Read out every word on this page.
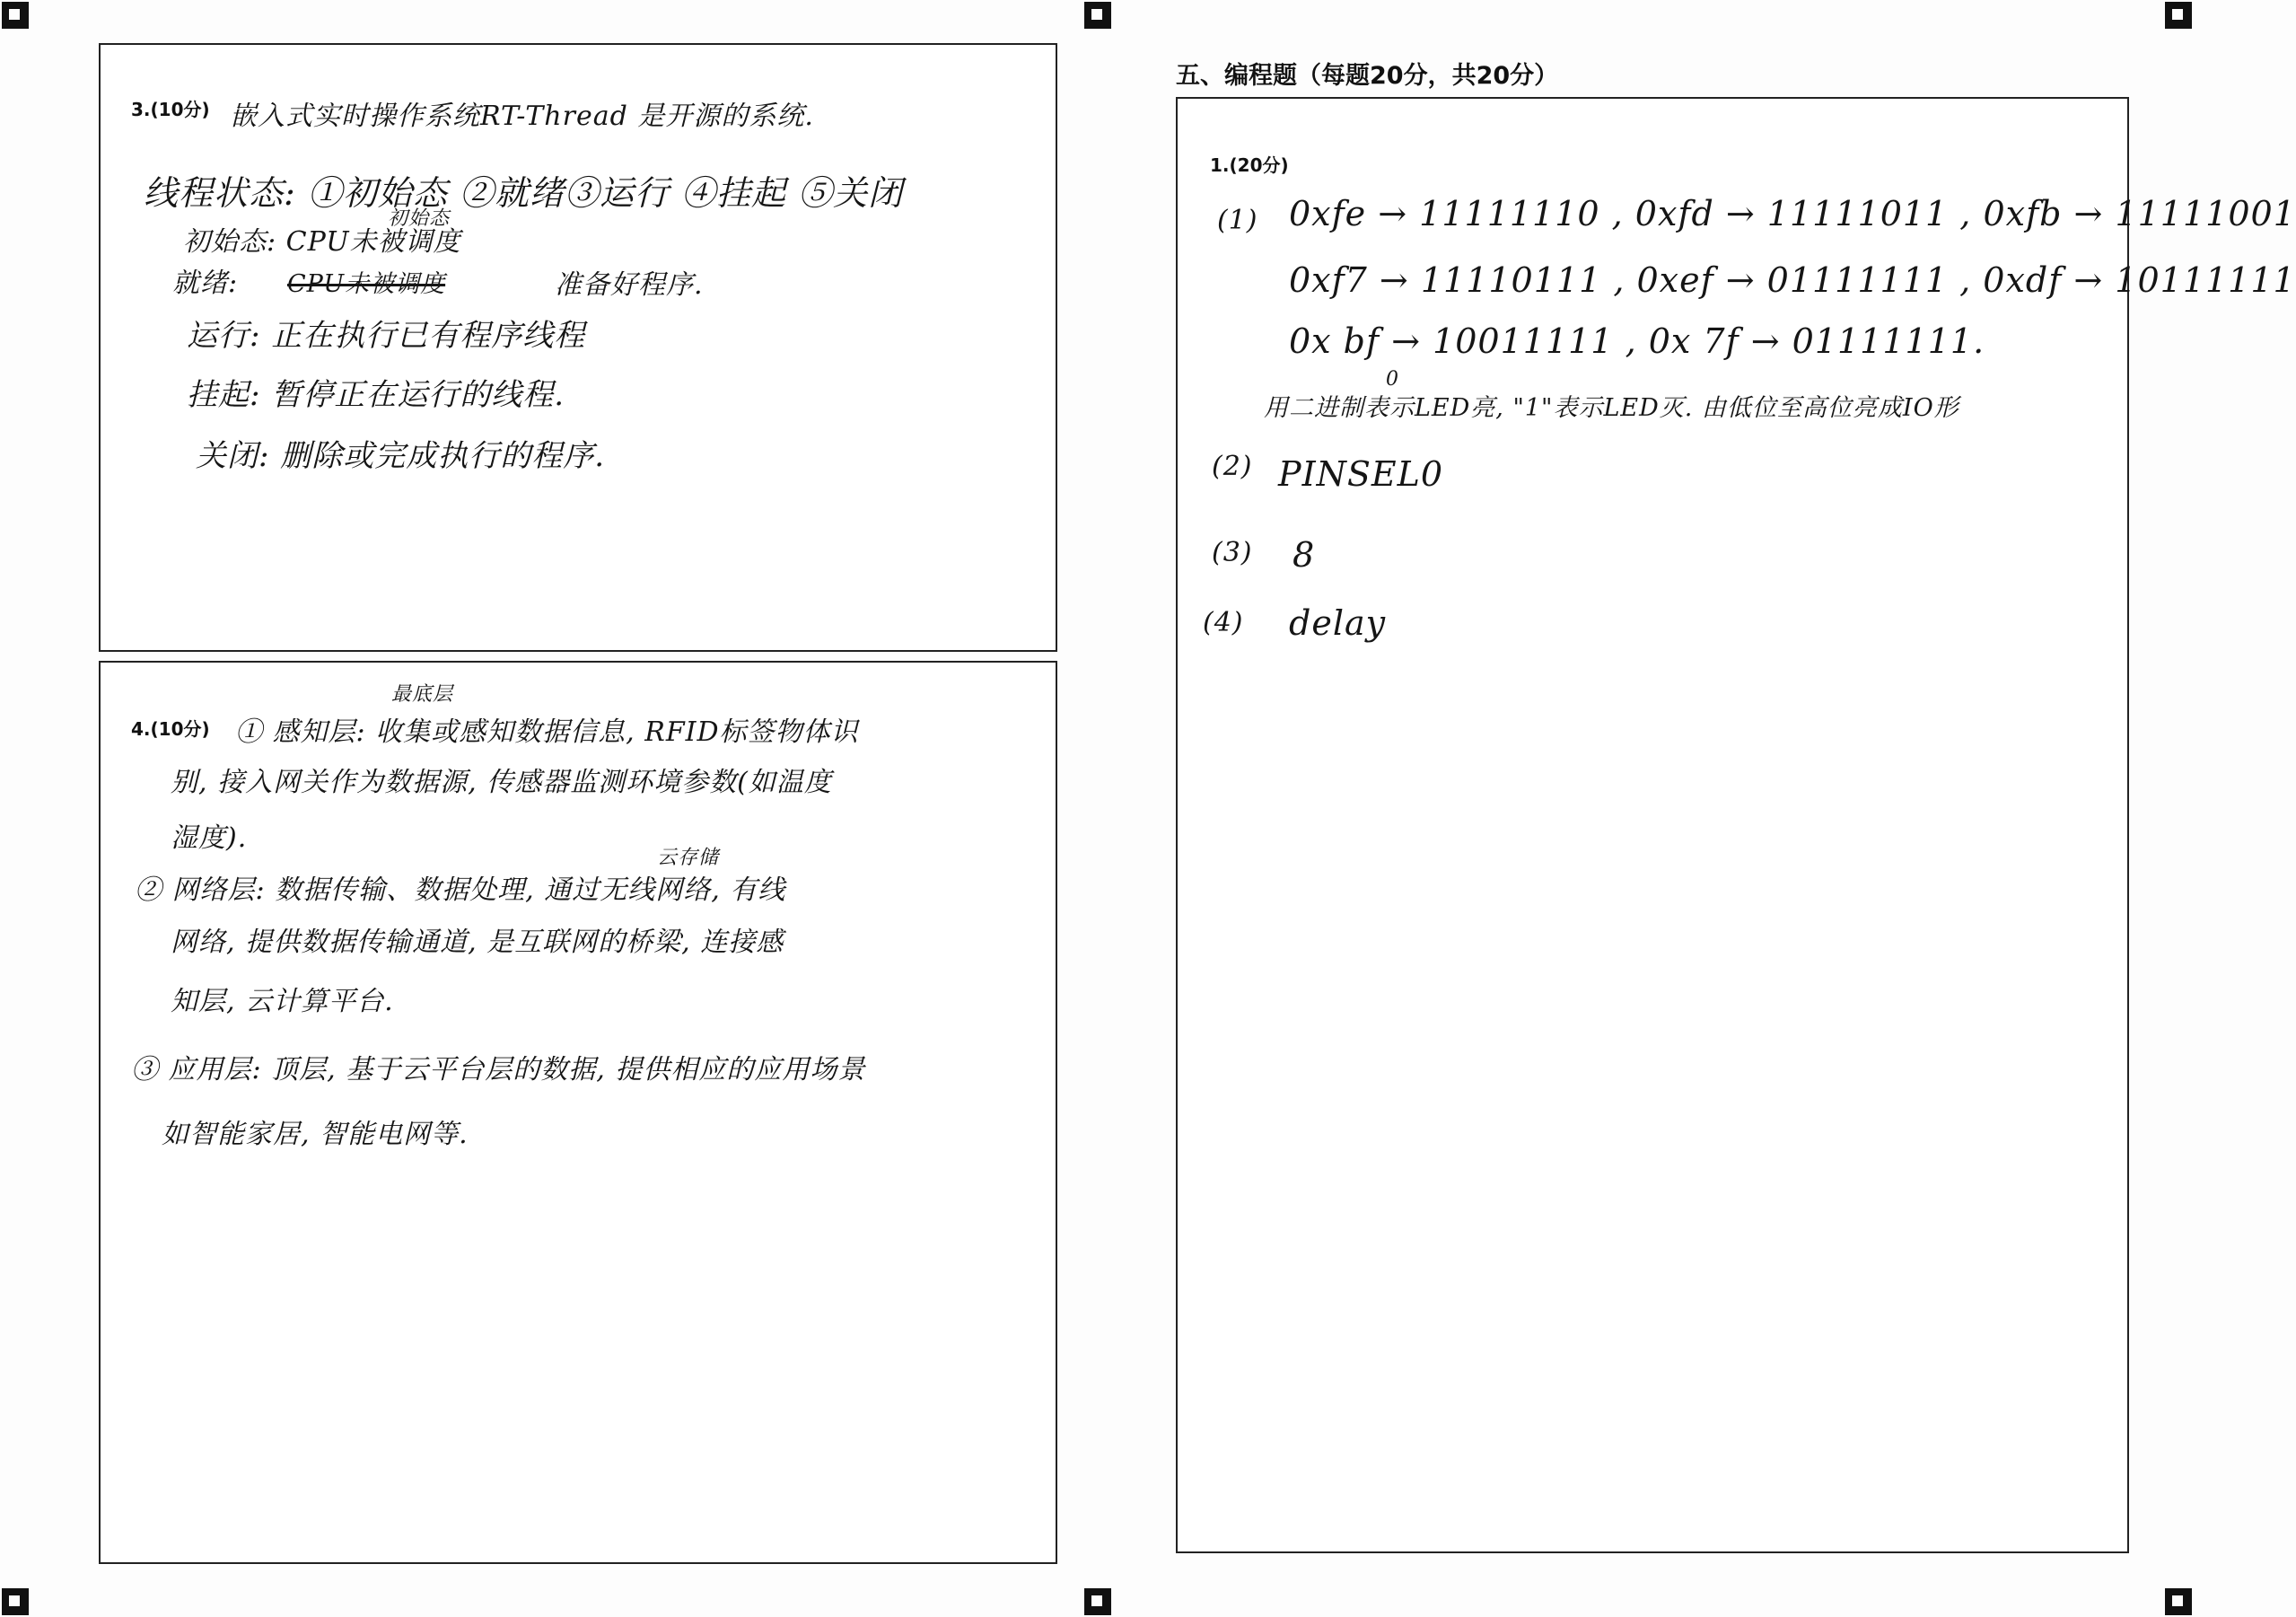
3.(10分) 嵌入式实时操作系统RT-Thread 是开源的系统.
线程状态: ①初始态 ②就绪③运行 ④挂起 ⑤关闭
初始态
初始态: CPU未被调度
就绪: CPU未被调度	准备好程序.
运行: 正在执行已有程序线程
挂起: 暂停正在运行的线程.
关闭: 删除或完成执行的程序.
4.(10分)
最底层
① 感知层: 收集或感知数据信息, RFID标签物体识
别, 接入网关作为数据源, 传感器监测环境参数(如温度
湿度).
云存储
② 网络层: 数据传输、数据处理, 通过无线网络, 有线
网络, 提供数据传输通道, 是互联网的桥梁, 连接感
知层, 云计算平台.
③ 应用层: 顶层, 基于云平台层的数据, 提供相应的应用场景
如智能家居, 智能电网等.
五、编程题（每题20分，共20分）
1.(20分)
(1) 0xfe → 11111110 , 0xfd → 11111011 , 0xfb → 11111001
0xf7 → 11110111 , 0xef → 01111111 , 0xdf → 10111111
0x bf → 10011111 , 0x 7f → 01111111.
0
用二进制表示LED亮, "1"表示LED灭. 由低位至高位亮成IO形
(2) PINSEL0
(3) 8
(4) delay
